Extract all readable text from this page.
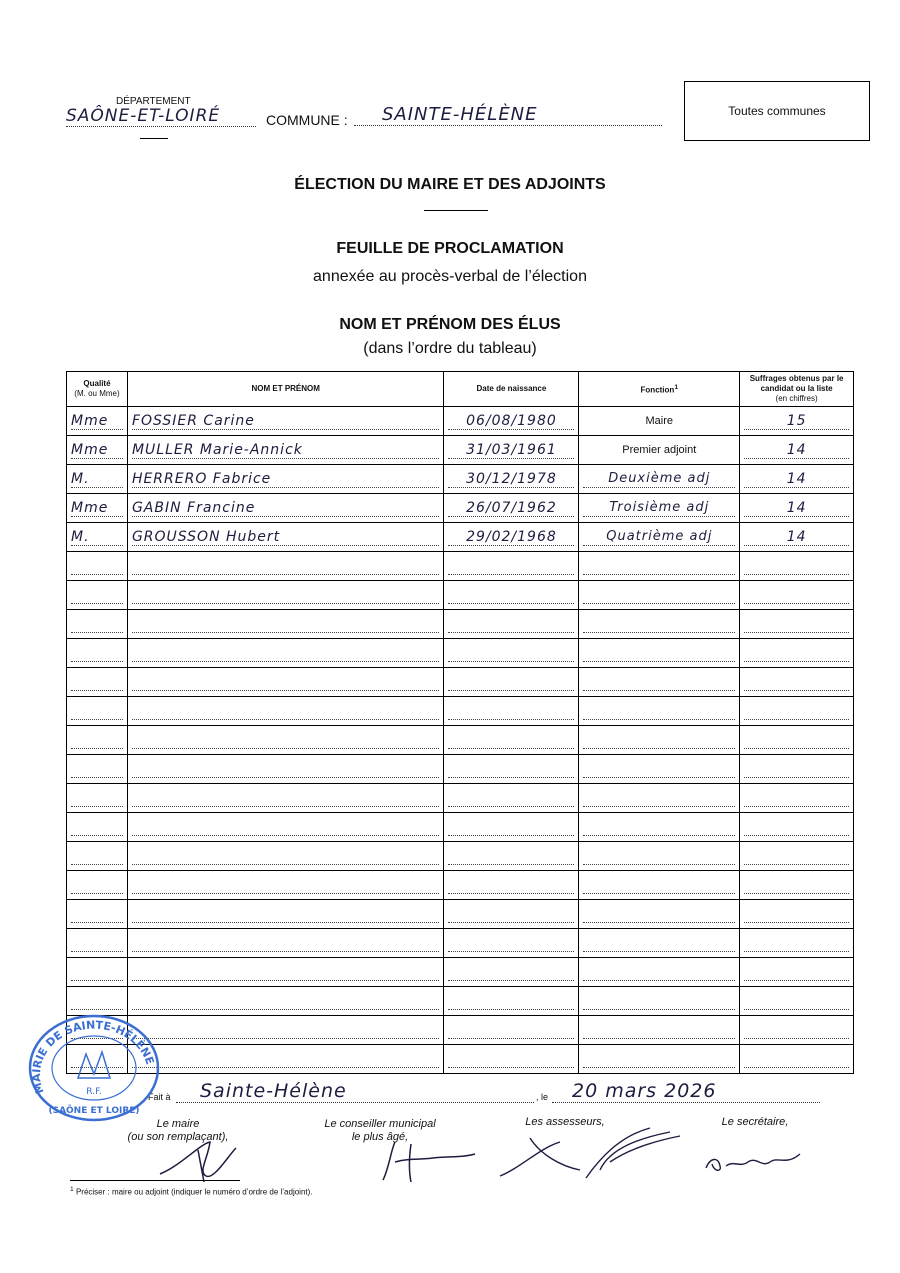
DÉPARTEMENT
SAÔNE-ET-LOIRÉ	COMMUNE :	SAINTE-HÉLÈNE	Toutes communes
ÉLECTION DU MAIRE ET DES ADJOINTS
FEUILLE DE PROCLAMATION
annexée au procès-verbal de l’élection
NOM ET PRÉNOM DES ÉLUS
(dans l’ordre du tableau)
Qualité
(M. ou Mme)	NOM ET PRÉNOM	Date de naissance	Fonction$^1$	Suffrages obtenus par le candidat ou la liste
(en chiffres)

Mme	FOSSIER Carine	06/08/1980	Maire	15

Mme	MULLER Marie-Annick	31/03/1961	Premier adjoint	14

M.	HERRERO Fabrice	30/12/1978	Deuxième adj	14

Mme	GABIN Francine	26/07/1962	Troisième adj	14

M.	GROUSSON Hubert	29/02/1968	Quatrième adj	14

Fait à	Sainte-Hélène	, le	20 mars 2026
Le maire
(ou son remplaçant),
Le conseiller municipal
le plus âgé,
Les assesseurs,	Le secrétaire,
MAIRIE DE SAINTE-HÉLÈNE
R.F.
(SAÔNE ET LOIRE)
$^1$ Préciser : maire ou adjoint (indiquer le numéro d’ordre de l’adjoint).
